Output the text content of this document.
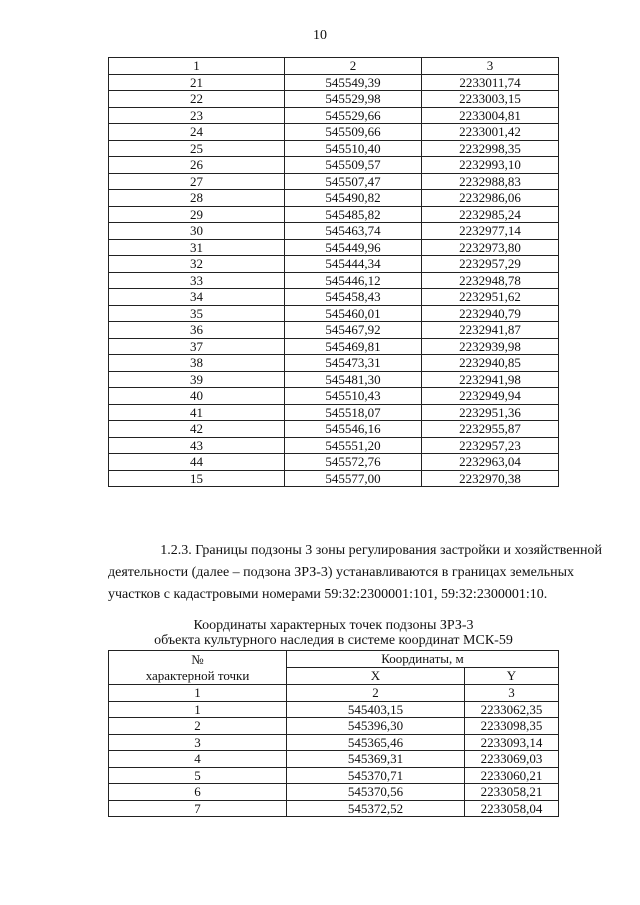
10
1	2	3
21	545549,39	2233011,74
22	545529,98	2233003,15
23	545529,66	2233004,81
24	545509,66	2233001,42
25	545510,40	2232998,35
26	545509,57	2232993,10
27	545507,47	2232988,83
28	545490,82	2232986,06
29	545485,82	2232985,24
30	545463,74	2232977,14
31	545449,96	2232973,80
32	545444,34	2232957,29
33	545446,12	2232948,78
34	545458,43	2232951,62
35	545460,01	2232940,79
36	545467,92	2232941,87
37	545469,81	2232939,98
38	545473,31	2232940,85
39	545481,30	2232941,98
40	545510,43	2232949,94
41	545518,07	2232951,36
42	545546,16	2232955,87
43	545551,20	2232957,23
44	545572,76	2232963,04
15	545577,00	2232970,38
1.2.3. Границы подзоны 3 зоны регулирования застройки и хозяйственной
деятельности (далее – подзона ЗРЗ-3) устанавливаются в границах земельных
участков с кадастровыми номерами 59:32:2300001:101, 59:32:2300001:10.
Координаты характерных точек подзоны ЗРЗ-3
объекта культурного наследия в системе координат МСК-59
№
характерной точки	Координаты, м	
	X	Y
1	2	3
1	545403,15	2233062,35
2	545396,30	2233098,35
3	545365,46	2233093,14
4	545369,31	2233069,03
5	545370,71	2233060,21
6	545370,56	2233058,21
7	545372,52	2233058,04
